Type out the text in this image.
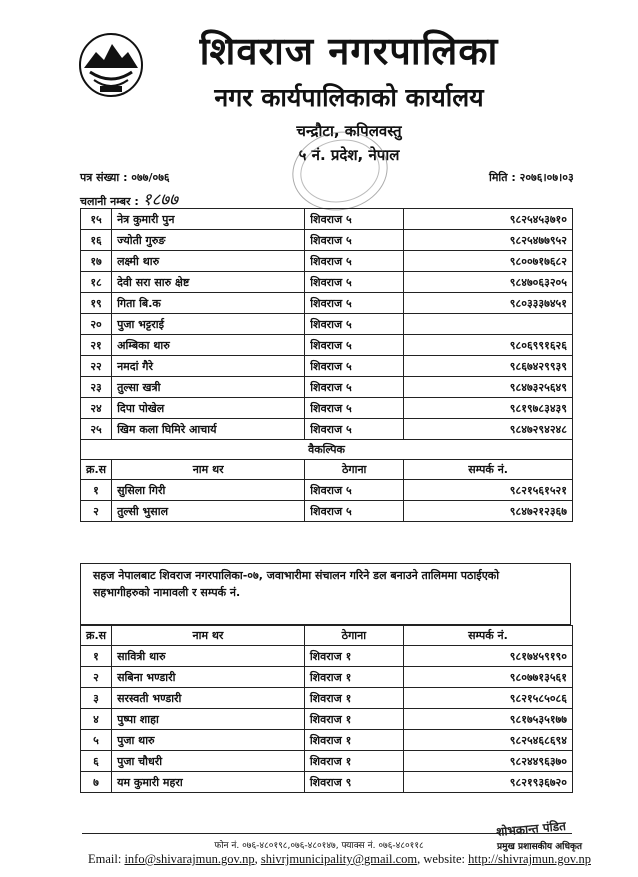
शिवराज नगरपालिका
नगर कार्यपालिकाको कार्यालय
चन्द्रौटा, कपिलवस्तु
५ नं. प्रदेश, नेपाल
पत्र संख्या : ०७७/०७६
चलानी नम्बर : १८७७
मिति : २०७६।०७।०३
१५	नेत्र कुमारी पुन	शिवराज ५	९८२५४५३७१०
१६	ज्योती गुरुङ	शिवराज ५	९८२५४७७९५२
१७	लक्ष्मी थारु	शिवराज ५	९८००७१७६८२
१८	देवी सरा सारु क्षेष्ट	शिवराज ५	९८४७०६३२०५
१९	गिता बि.क	शिवराज ५	९८०३३३७४५१
२०	पुजा भट्टराई	शिवराज ५	
२१	अम्बिका थारु	शिवराज ५	९८०६९९१६२६
२२	नमदां गैरे	शिवराज ५	९८६७४२९९३९
२३	तुल्सा खत्री	शिवराज ५	९८४७३२५६४९
२४	दिपा पोखेल	शिवराज ५	९८१९७८३४३९
२५	खिम कला घिमिरे आचार्य	शिवराज ५	९८४७२९४२४८
वैकल्पिक			
क्र.स	नाम थर	ठेगाना	सम्पर्क नं.
१	सुसिला गिरी	शिवराज ५	९८२१५६१५२१
२	तुल्सी भुसाल	शिवराज ५	९८४७२१२३६७
सहज नेपालबाट शिवराज नगरपालिका-०७, जवाभारीमा संचालन गरिने डल बनाउने तालिममा पठाईएको सहभागीहरुको नामावली र सम्पर्क नं.
क्र.स	नाम थर	ठेगाना	सम्पर्क नं.
१	सावित्री थारु	शिवराज १	९८१७४५९१९०
२	सबिना भण्डारी	शिवराज १	९८०७७१३५६१
३	सरस्वती भण्डारी	शिवराज १	९८२१५८५०८६
४	पुष्पा शाहा	शिवराज १	९८१७५३५१७७
५	पुजा थारु	शिवराज १	९८२५४६८६९४
६	पुजा चौधरी	शिवराज १	९८२४४९६३७०
७	यम कुमारी महरा	शिवराज ९	९८२१९३६७२०
शोभकान्त पंडित
प्रमुख प्रशासकीय अधिकृत
फोन नं. ०७६-४८०१९८,०७६-४८०१४७, फ्याक्स नं. ०७६-४८०११८
Email: info@shivarajmun.gov.np, shivrjmunicipality@gmail.com, website: http://shivrajmun.gov.np
